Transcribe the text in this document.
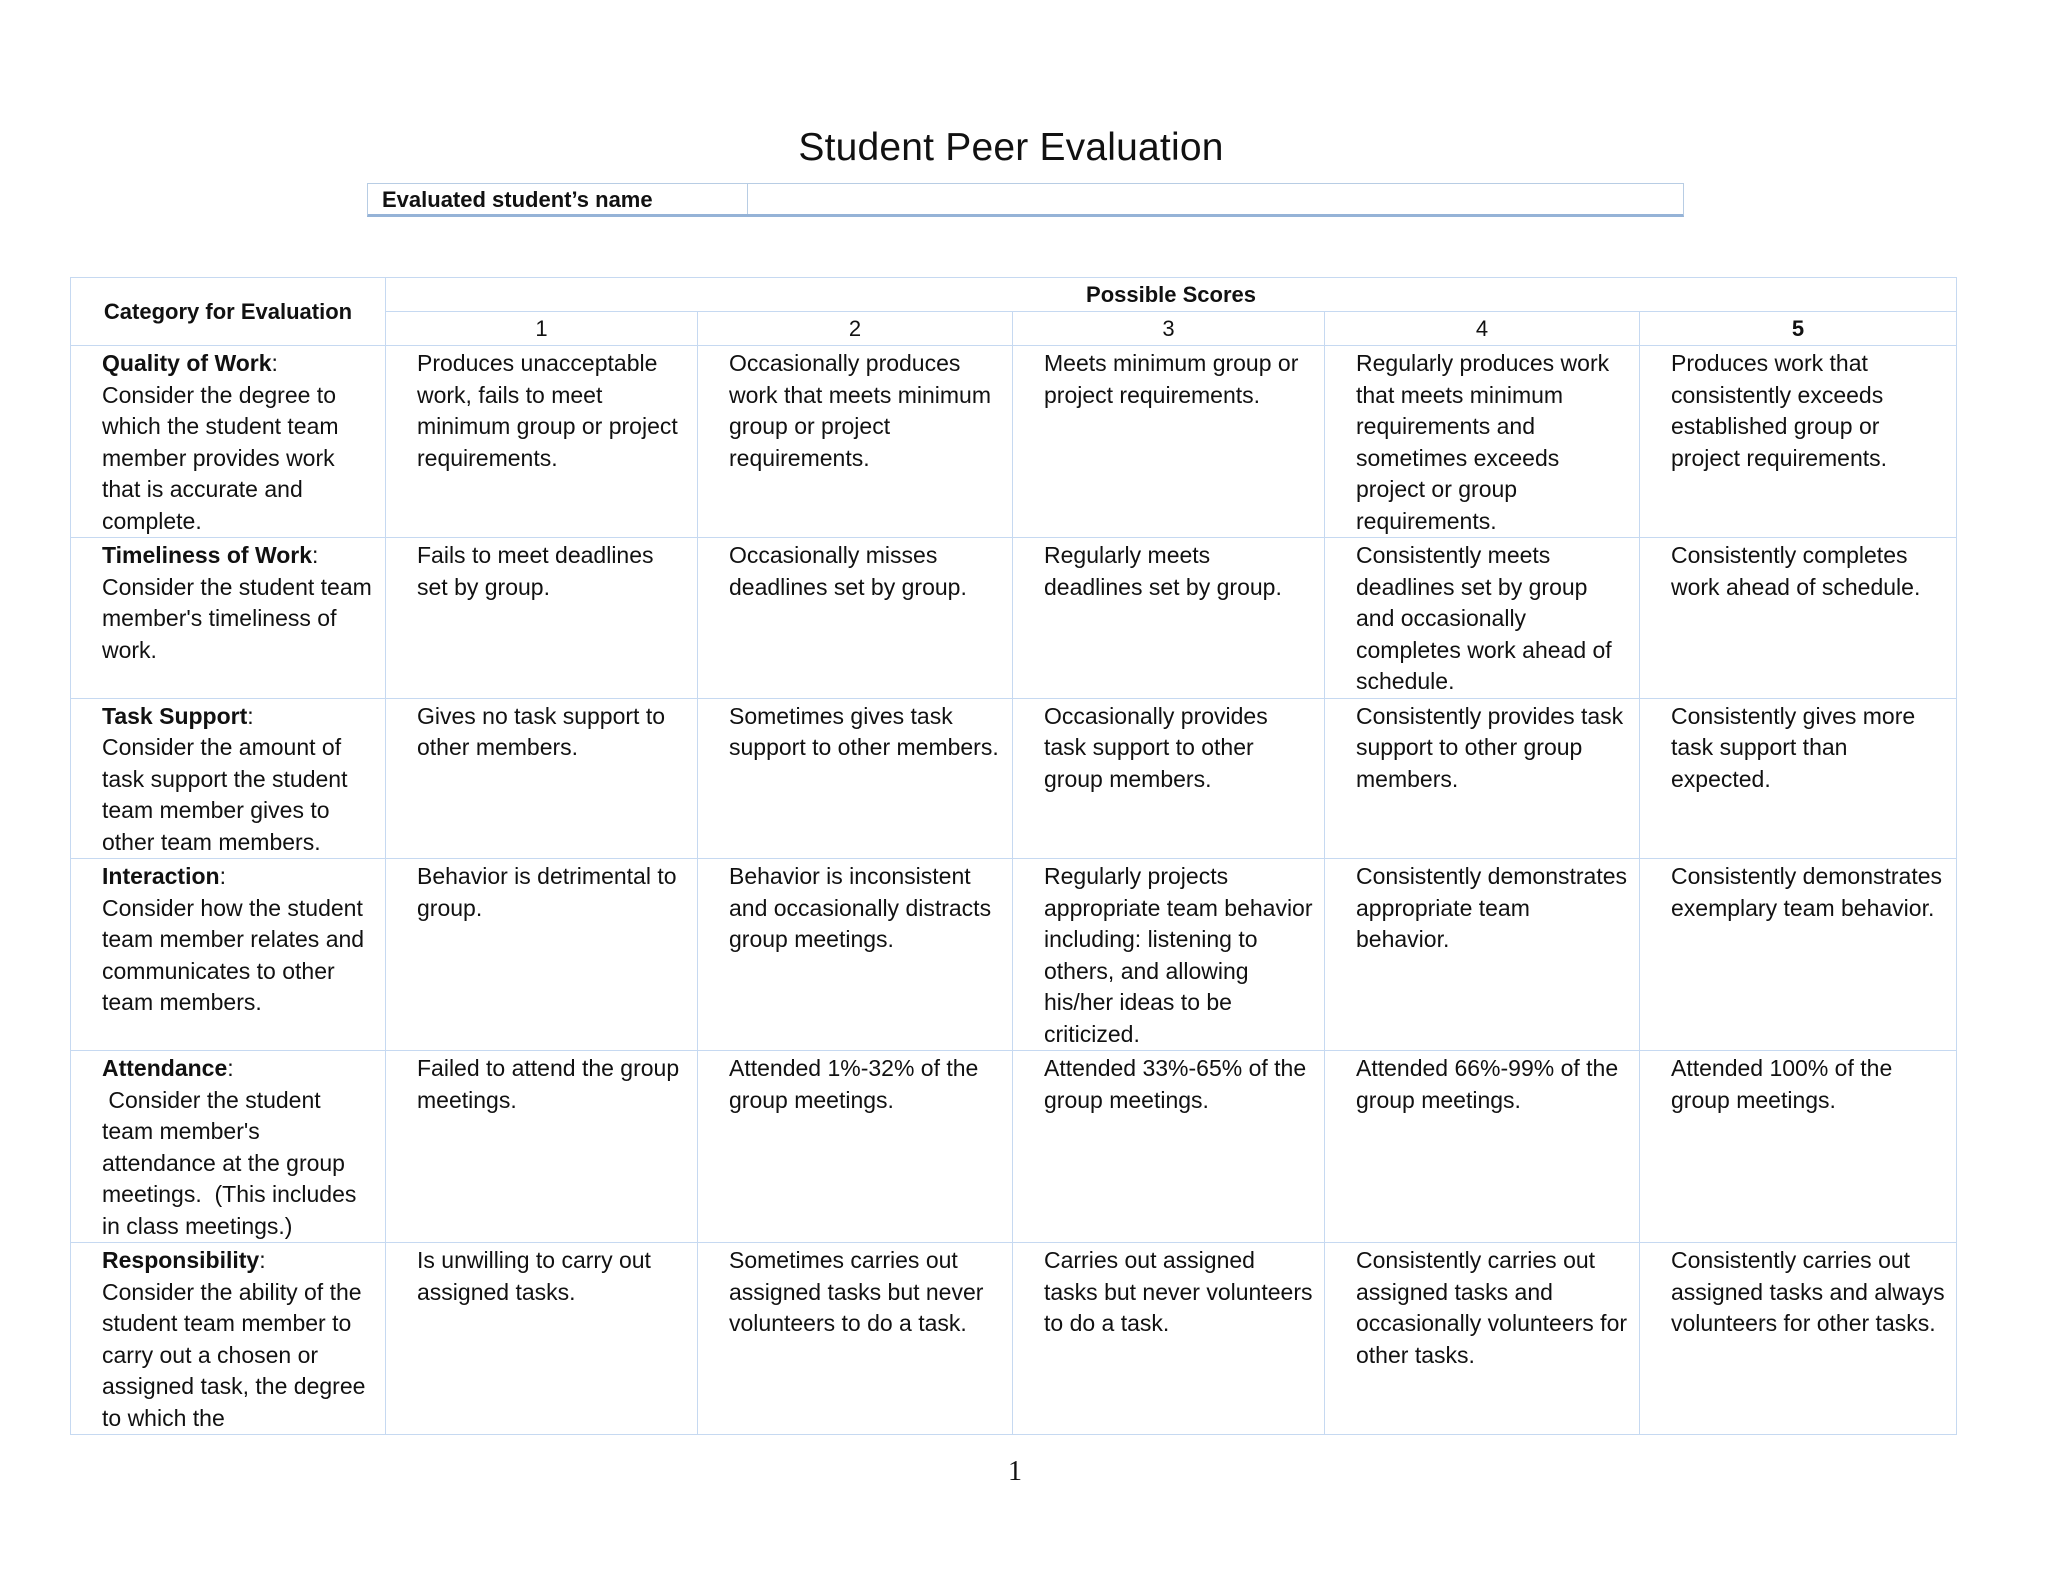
Student Peer Evaluation
Evaluated student’s name
Category for Evaluation	Possible Scores				
	1	2	3	4	5
Quality of Work:
Consider the degree to which the student team member provides work that is accurate and complete.	Produces unacceptable work, fails to meet minimum group or project requirements.	Occasionally produces work that meets minimum group or project requirements.	Meets minimum group or project requirements.	Regularly produces work that meets minimum requirements and sometimes exceeds project or group requirements.	Produces work that consistently exceeds established group or project requirements.
Timeliness of Work:
Consider the student team member's timeliness of work.	Fails to meet deadlines set by group.	Occasionally misses deadlines set by group.	Regularly meets deadlines set by group.	Consistently meets deadlines set by group and occasionally completes work ahead of schedule.	Consistently completes work ahead of schedule.
Task Support:
Consider the amount of task support the student team member gives to other team members.	Gives no task support to other members.	Sometimes gives task support to other members.	Occasionally provides task support to other group members.	Consistently provides task support to other group members.	Consistently gives more task support than expected.
Interaction:
Consider how the student team member relates and communicates to other team members.	Behavior is detrimental to group.	Behavior is inconsistent and occasionally distracts group meetings.	Regularly projects appropriate team behavior including: listening to others, and allowing his/her ideas to be criticized.	Consistently demonstrates appropriate team behavior.	Consistently demonstrates exemplary team behavior.
Attendance:
Consider the student team member's attendance at the group meetings.  (This includes in class meetings.)	Failed to attend the group meetings.	Attended 1%-32% of the group meetings.	Attended 33%-65% of the group meetings.	Attended 66%-99% of the group meetings.	Attended 100% of the group meetings.
Responsibility:
Consider the ability of the student team member to carry out a chosen or assigned task, the degree to which the	Is unwilling to carry out assigned tasks.	Sometimes carries out assigned tasks but never volunteers to do a task.	Carries out assigned tasks but never volunteers to do a task.	Consistently carries out assigned tasks and occasionally volunteers for other tasks.	Consistently carries out assigned tasks and always volunteers for other tasks.
1
